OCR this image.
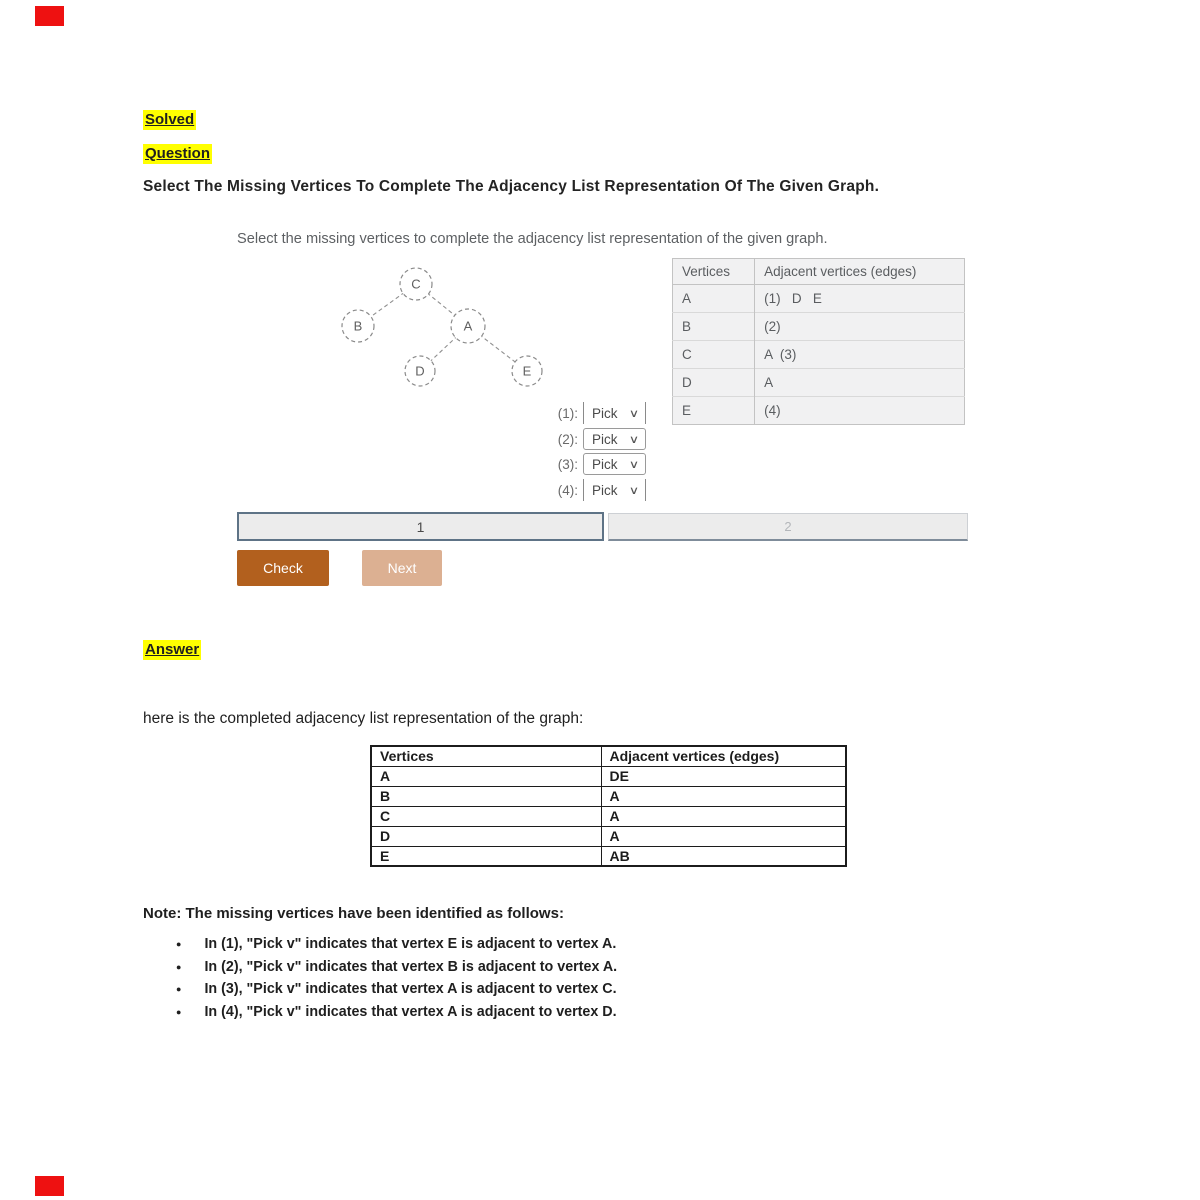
Solved
Question
Select The Missing Vertices To Complete The Adjacency List Representation Of The Given Graph.
Select the missing vertices to complete the adjacency list representation of the given graph.
C
B	A
D	E
Vertices	Adjacent vertices (edges)
A	(1)   D   E
B	(2)
C	A  (3)
D	A
E	(4)
(1): Pick ∨
(2): Pick ∨
(3): Pick ∨
(4): Pick ∨
1	2
Check	Next
Answer
here is the completed adjacency list representation of the graph:
Vertices	Adjacent vertices (edges)
A	DE
B	A
C	A
D	A
E	AB
Note: The missing vertices have been identified as follows:
● In (1), "Pick v" indicates that vertex E is adjacent to vertex A.
● In (2), "Pick v" indicates that vertex B is adjacent to vertex A.
● In (3), "Pick v" indicates that vertex A is adjacent to vertex C.
● In (4), "Pick v" indicates that vertex A is adjacent to vertex D.
